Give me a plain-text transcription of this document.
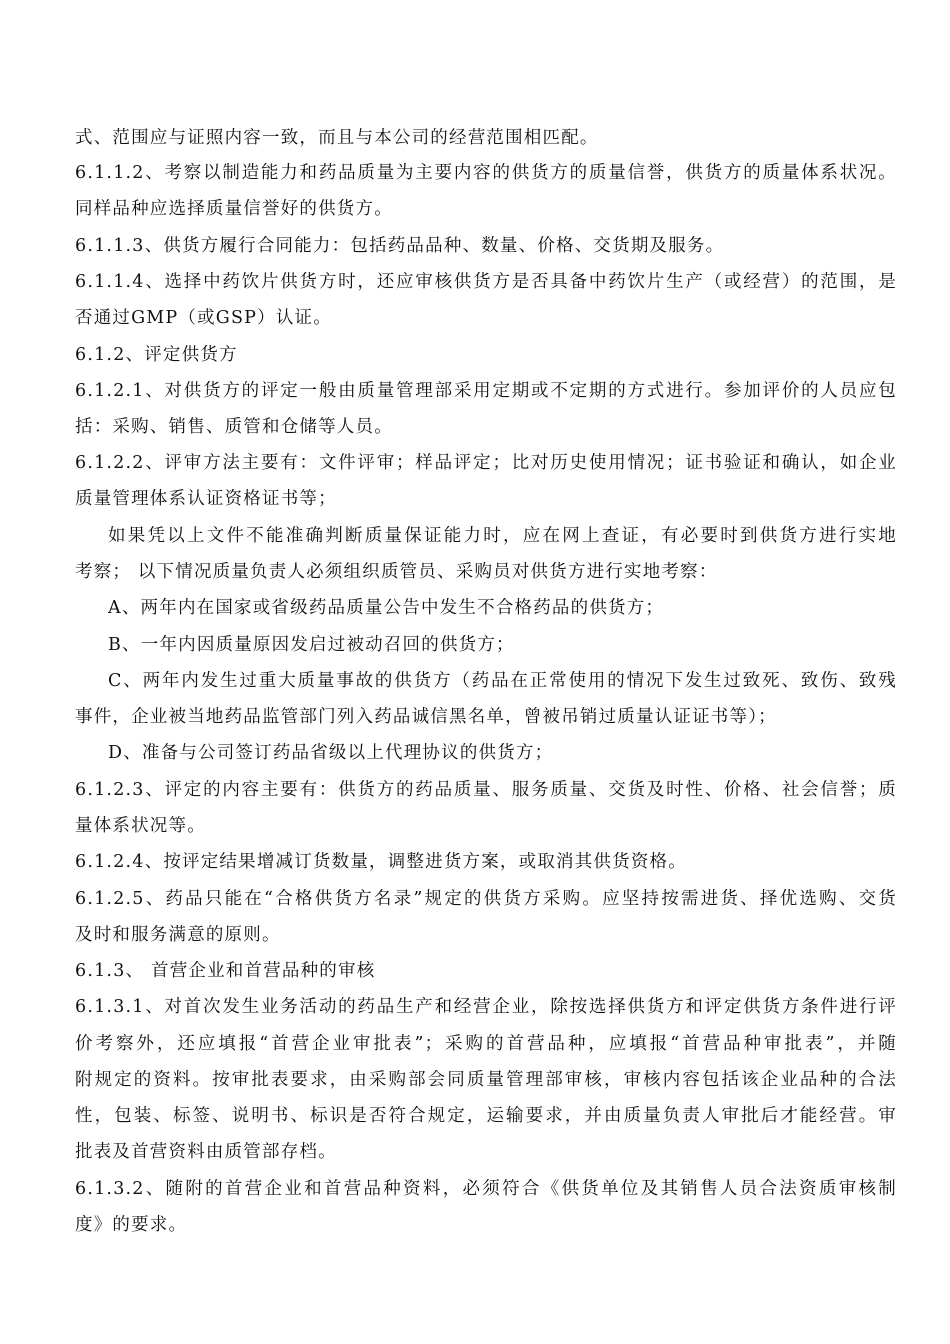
式、范围应与证照内容一致，而且与本公司的经营范围相匹配。
6.1.1.2、考察以制造能力和药品质量为主要内容的供货方的质量信誉，供货方的质量体系状况。
同样品种应选择质量信誉好的供货方。
6.1.1.3、供货方履行合同能力：包括药品品种、数量、价格、交货期及服务。
6.1.1.4、选择中药饮片供货方时，还应审核供货方是否具备中药饮片生产（或经营）的范围，是
否通过GMP（或GSP）认证。
6.1.2、评定供货方
6.1.2.1、对供货方的评定一般由质量管理部采用定期或不定期的方式进行。参加评价的人员应包
括：采购、销售、质管和仓储等人员。
6.1.2.2、评审方法主要有：文件评审；样品评定；比对历史使用情况；证书验证和确认，如企业
质量管理体系认证资格证书等；
如果凭以上文件不能准确判断质量保证能力时，应在网上查证，有必要时到供货方进行实地
考察； 以下情况质量负责人必须组织质管员、采购员对供货方进行实地考察：
A、两年内在国家或省级药品质量公告中发生不合格药品的供货方；
B、一年内因质量原因发启过被动召回的供货方；
C、两年内发生过重大质量事故的供货方（药品在正常使用的情况下发生过致死、致伤、致残
事件，企业被当地药品监管部门列入药品诚信黑名单，曾被吊销过质量认证证书等）；
D、准备与公司签订药品省级以上代理协议的供货方；
6.1.2.3、评定的内容主要有：供货方的药品质量、服务质量、交货及时性、价格、社会信誉；质
量体系状况等。
6.1.2.4、按评定结果增减订货数量，调整进货方案，或取消其供货资格。
6.1.2.5、药品只能在“合格供货方名录”规定的供货方采购。应坚持按需进货、择优选购、交货
及时和服务满意的原则。
6.1.3、 首营企业和首营品种的审核
6.1.3.1、对首次发生业务活动的药品生产和经营企业，除按选择供货方和评定供货方条件进行评
价考察外，还应填报“首营企业审批表”；采购的首营品种，应填报“首营品种审批表”，并随
附规定的资料。按审批表要求，由采购部会同质量管理部审核，审核内容包括该企业品种的合法
性，包装、标签、说明书、标识是否符合规定，运输要求，并由质量负责人审批后才能经营。审
批表及首营资料由质管部存档。
6.1.3.2、随附的首营企业和首营品种资料，必须符合《供货单位及其销售人员合法资质审核制
度》的要求。
